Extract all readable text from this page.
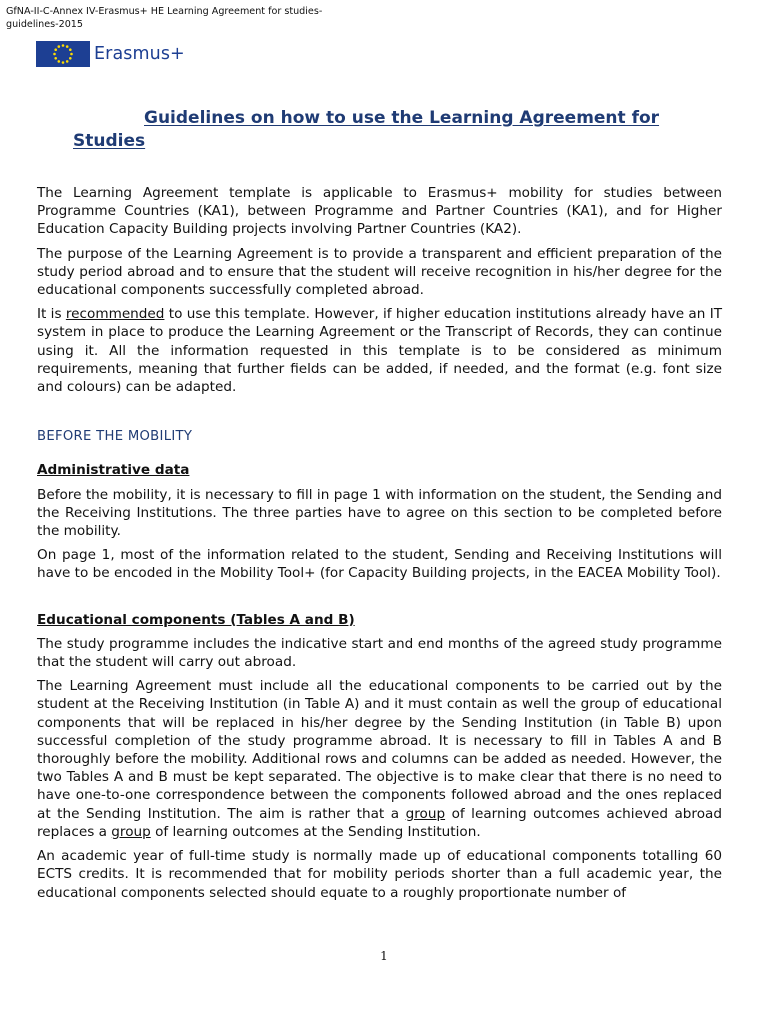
GfNA-II-C-Annex IV-Erasmus+ HE Learning Agreement for studies-guidelines-2015
Erasmus+
Guidelines on how to use the Learning Agreement for
Studies

The Learning Agreement template is applicable to Erasmus+ mobility for studies between Programme Countries (KA1), between Programme and Partner Countries (KA1), and for Higher Education Capacity Building projects involving Partner Countries (KA2).

The purpose of the Learning Agreement is to provide a transparent and efficient preparation of the study period abroad and to ensure that the student will receive recognition in his/her degree for the educational components successfully completed abroad.

It is recommended to use this template. However, if higher education institutions already have an IT system in place to produce the Learning Agreement or the Transcript of Records, they can continue using it. All the information requested in this template is to be considered as minimum requirements, meaning that further fields can be added, if needed, and the format (e.g. font size and colours) can be adapted.

BEFORE THE MOBILITY

Administrative data

Before the mobility, it is necessary to fill in page 1 with information on the student, the Sending and the Receiving Institutions. The three parties have to agree on this section to be completed before the mobility.

On page 1, most of the information related to the student, Sending and Receiving Institutions will have to be encoded in the Mobility Tool+ (for Capacity Building projects, in the EACEA Mobility Tool).

Educational components (Tables A and B)

The study programme includes the indicative start and end months of the agreed study programme that the student will carry out abroad.

The Learning Agreement must include all the educational components to be carried out by the student at the Receiving Institution (in Table A) and it must contain as well the group of educational components that will be replaced in his/her degree by the Sending Institution (in Table B) upon successful completion of the study programme abroad. It is necessary to fill in Tables A and B thoroughly before the mobility. Additional rows and columns can be added as needed. However, the two Tables A and B must be kept separated. The objective is to make clear that there is no need to have one-to-one correspondence between the components followed abroad and the ones replaced at the Sending Institution. The aim is rather that a group of learning outcomes achieved abroad replaces a group of learning outcomes at the Sending Institution.

An academic year of full-time study is normally made up of educational components totalling 60 ECTS credits. It is recommended that for mobility periods shorter than a full academic year, the educational components selected should equate to a roughly proportionate number of

1
